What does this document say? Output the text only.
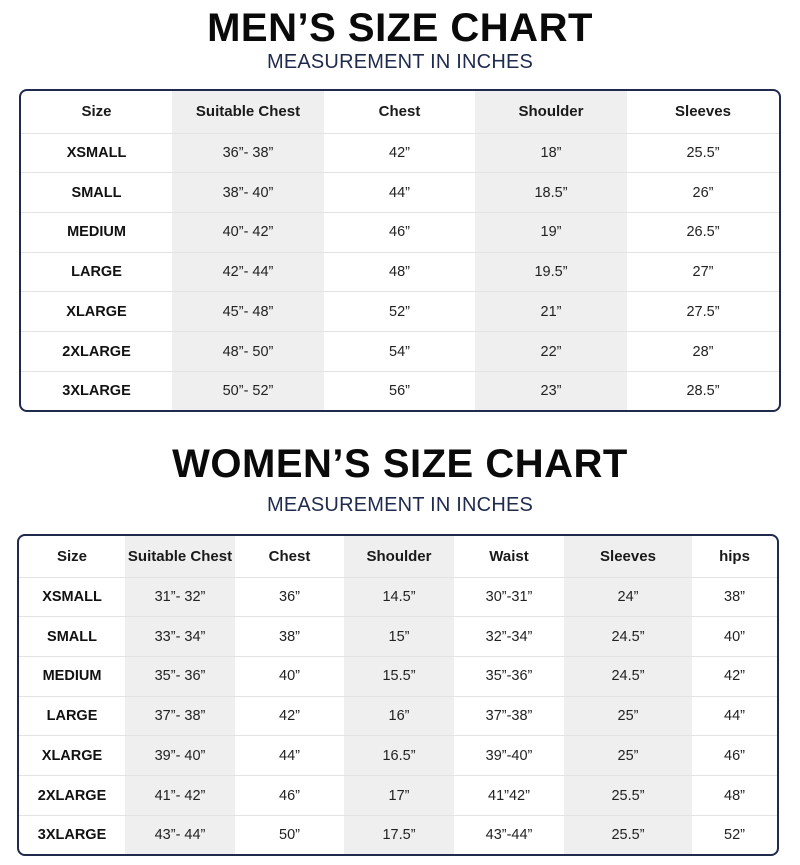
MEN’S SIZE CHART
MEASUREMENT IN INCHES
Size	Suitable Chest	Chest	Shoulder	Sleeves
XSMALL	36”- 38”	42”	18”	25.5”
SMALL	38”- 40”	44”	18.5”	26”
MEDIUM	40”- 42”	46”	19”	26.5”
LARGE	42”- 44”	48”	19.5”	27”
XLARGE	45”- 48”	52”	21”	27.5”
2XLARGE	48”- 50”	54”	22”	28”
3XLARGE	50”- 52”	56”	23”	28.5”
WOMEN’S SIZE CHART
MEASUREMENT IN INCHES
Size	Suitable Chest	Chest	Shoulder	Waist	Sleeves	hips
XSMALL	31”- 32”	36”	14.5”	30”-31”	24”	38”
SMALL	33”- 34”	38”	15”	32”-34”	24.5”	40”
MEDIUM	35”- 36”	40”	15.5”	35”-36”	24.5”	42”
LARGE	37”- 38”	42”	16”	37”-38”	25”	44”
XLARGE	39”- 40”	44”	16.5”	39”-40”	25”	46”
2XLARGE	41”- 42”	46”	17”	41”42”	25.5”	48”
3XLARGE	43”- 44”	50”	17.5”	43”-44”	25.5”	52”
